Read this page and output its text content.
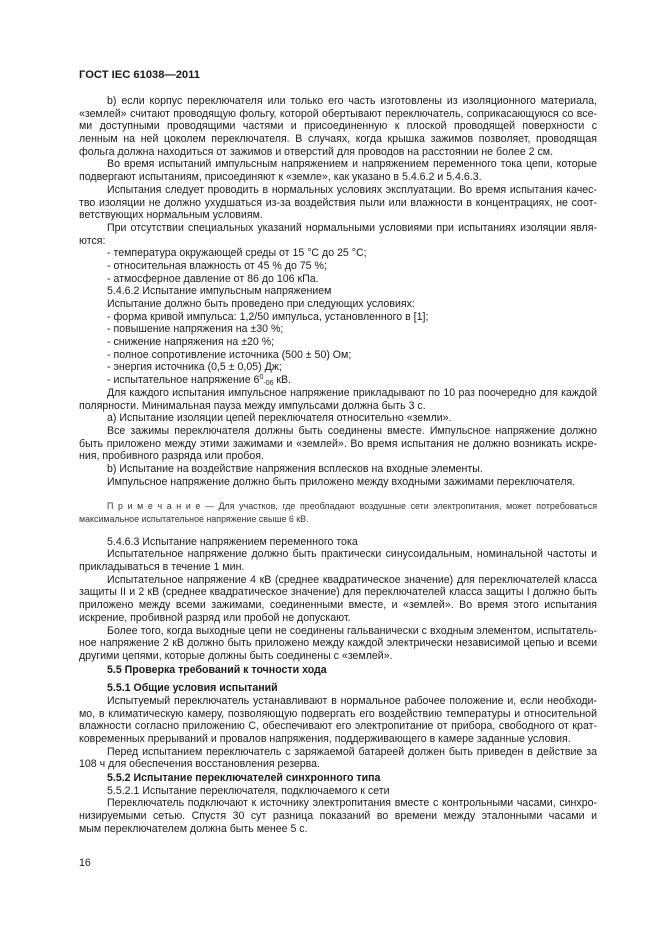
ГОСТ IEC 61038—2011
b) если корпус переключателя или только его часть изготовлены из изоляционного материала,
«землей» считают проводящую фольгу, которой обертывают переключатель, соприкасающуюся со все-
ми доступными проводящими частями и присоединенную к плоской проводящей поверхности с
ленным на ней цоколем переключателя. В случаях, когда крышка зажимов позволяет, проводящая
фольга должна находиться от зажимов и отверстий для проводов на расстоянии не более 2 см.
Во время испытаний импульсным напряжением и напряжением переменного тока цепи, которые
подвергают испытаниям, присоединяют к «земле», как указано в 5.4.6.2 и 5.4.6.3.
Испытания следует проводить в нормальных условиях эксплуатации. Во время испытания качес-
тво изоляции не должно ухудшаться из-за воздействия пыли или влажности в концентрациях, не соот-
ветствующих нормальным условиям.
При отсутствии специальных указаний нормальными условиями при испытаниях изоляции явля-
ются:
- температура окружающей среды от 15 °С до 25 °С;
- относительная влажность от 45 % до 75 %;
- атмосферное давление от 86 до 106 кПа.
5.4.6.2 Испытание импульсным напряжением
Испытание должно быть проведено при следующих условиях:
- форма кривой импульса: 1,2/50 импульса, установленного в [1];
- повышение напряжения на ±30 %;
- снижение напряжения на ±20 %;
- полное сопротивление источника (500 ± 50) Ом;
- энергия источника (0,5 ± 0,05) Дж;
- испытательное напряжение $6^0_{-06}$ кВ.
Для каждого испытания импульсное напряжение прикладывают по 10 раз поочередно для каждой
полярности. Минимальная пауза между импульсами должна быть 3 с.
а) Испытание изоляции цепей переключателя относительно «земли».
Все зажимы переключателя должны быть соединены вместе. Импульсное напряжение должно
быть приложено между этими зажимами и «землей». Во время испытания не должно возникать искре-
ния, пробивного разряда или пробоя.
b) Испытание на воздействие напряжения всплесков на входные элементы.
Импульсное напряжение должно быть приложено между входными зажимами переключателя.
П р и м е ч а н и е — Для участков, где преобладают воздушные сети электропитания, может потребоваться
максимальное испытательное напряжение свыше 6 кВ.
5.4.6.3 Испытание напряжением переменного тока
Испытательное напряжение должно быть практически синусоидальным, номинальной частоты и
прикладываться в течение 1 мин.
Испытательное напряжение 4 кВ (среднее квадратическое значение) для переключателей класса
защиты II и 2 кВ (среднее квадратическое значение) для переключателей класса защиты I должно быть
приложено между всеми зажимами, соединенными вместе, и «землей». Во время этого испытания
искрение, пробивной разряд или пробой не допускают.
Более того, когда выходные цепи не соединены гальванически с входным элементом, испытатель-
ное напряжение 2 кВ должно быть приложено между каждой электрически независимой цепью и всеми
другими цепями, которые должны быть соединены с «землей».
5.5 Проверка требований к точности хода
5.5.1 Общие условия испытаний
Испытуемый переключатель устанавливают в нормальное рабочее положение и, если необходи-
мо, в климатическую камеру, позволяющую подвергать его воздействию температуры и относительной
влажности согласно приложению С, обеспечивают его электропитание от прибора, свободного от крат-
ковременных прерываний и провалов напряжения, поддерживающего в камере заданные условия.
Перед испытанием переключатель с заряжаемой батареей должен быть приведен в действие за
108 ч для обеспечения восстановления резерва.
5.5.2 Испытание переключателей синхронного типа
5.5.2.1 Испытание переключателя, подключаемого к сети
Переключатель подключают к источнику электропитания вместе с контрольными часами, синхро-
низируемыми сетью. Спустя 30 сут разница показаний во времени между эталонными часами и
мым переключателем должна быть менее 5 с.
16
